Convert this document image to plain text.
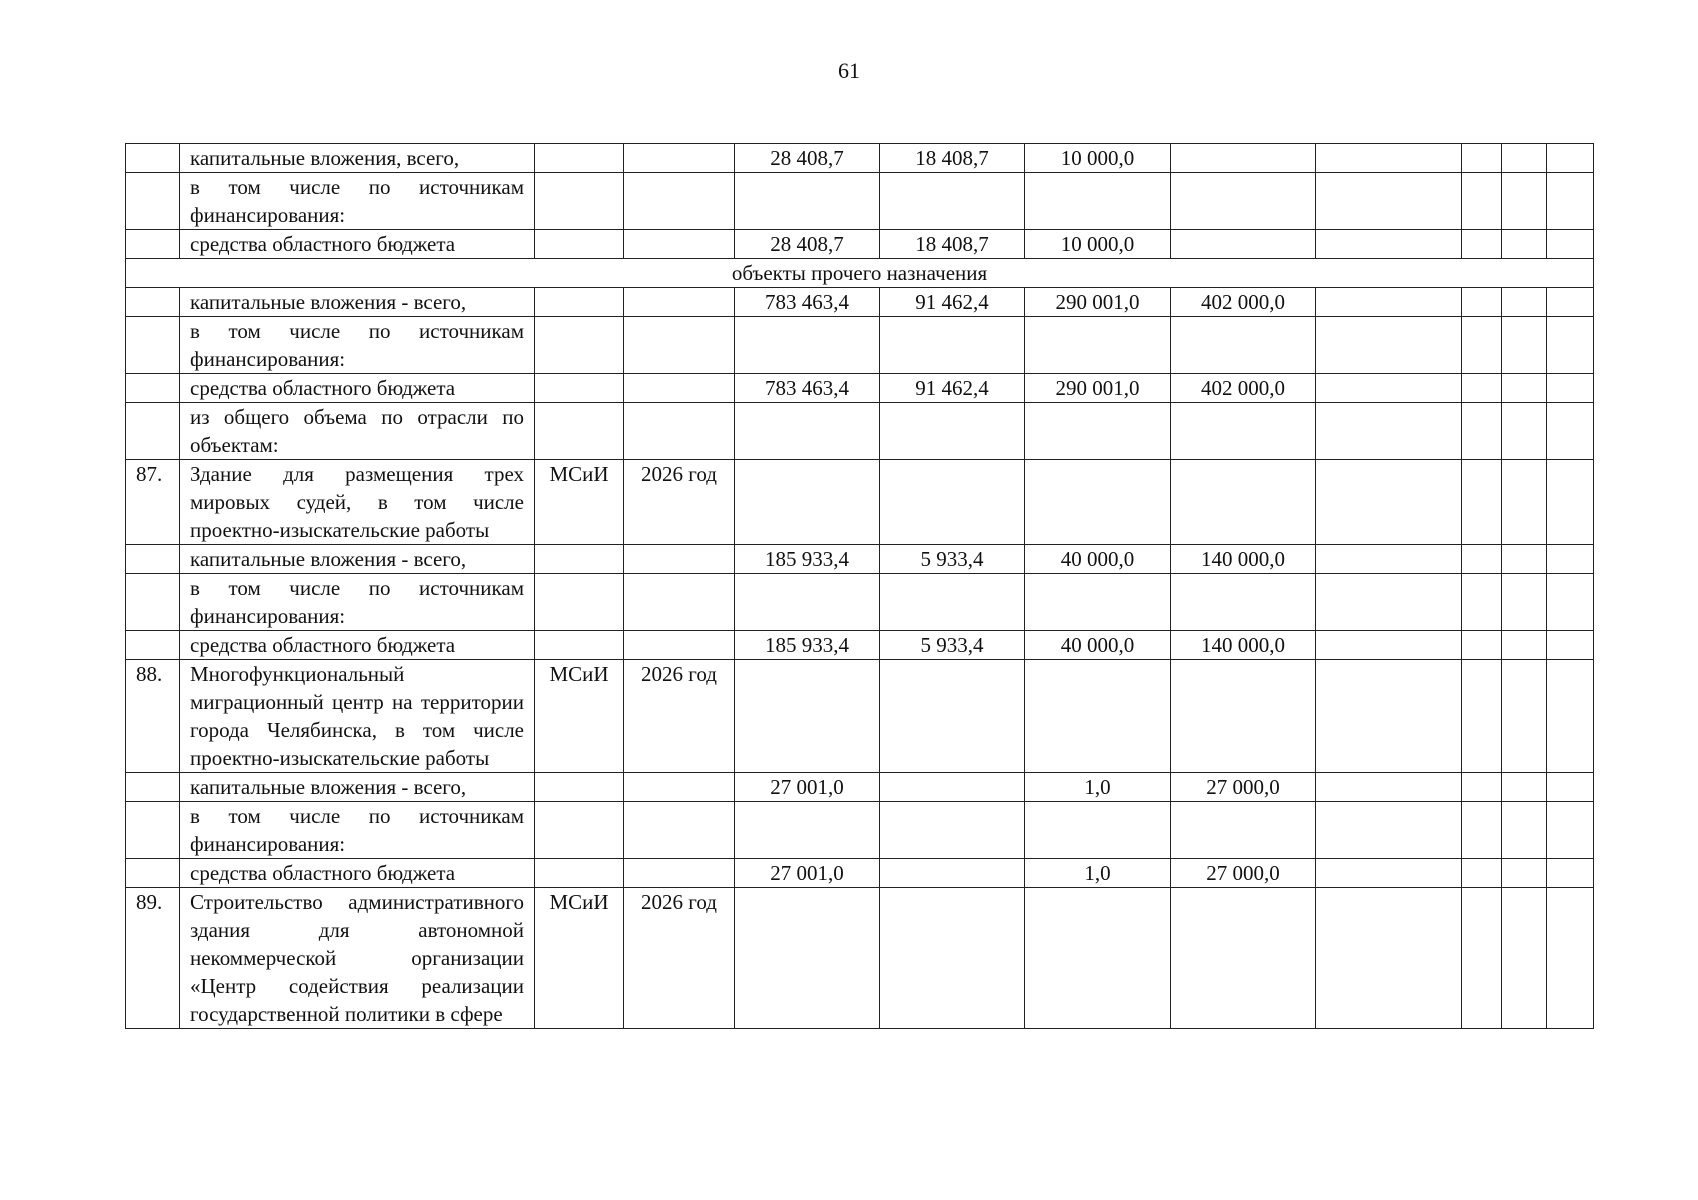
61
	капитальные вложения, всего,			28 408,7	18 408,7	10 000,0					
	в том числе по источникам финансирования:										
	средства областного бюджета			28 408,7	18 408,7	10 000,0					
объекты прочего назначения											
	капитальные вложения - всего,			783 463,4	91 462,4	290 001,0	402 000,0				
	в том числе по источникам финансирования:										
	средства областного бюджета			783 463,4	91 462,4	290 001,0	402 000,0				
	из общего объема по отрасли по объектам:										
87.	Здание для размещения трех мировых судей, в том числе проектно-изыскательские работы	МСиИ	2026 год								
	капитальные вложения - всего,			185 933,4	5 933,4	40 000,0	140 000,0				
	в том числе по источникам финансирования:										
	средства областного бюджета			185 933,4	5 933,4	40 000,0	140 000,0				
88.	Многофункциональный миграционный центр на территории города Челябинска, в том числе проектно-изыскательские работы	МСиИ	2026 год								
	капитальные вложения - всего,			27 001,0		1,0	27 000,0				
	в том числе по источникам финансирования:										
	средства областного бюджета			27 001,0		1,0	27 000,0				
89.	Строительство административного здания для автономной некоммерческой организации «Центр содействия реализации государственной политики в сфере	МСиИ	2026 год								
